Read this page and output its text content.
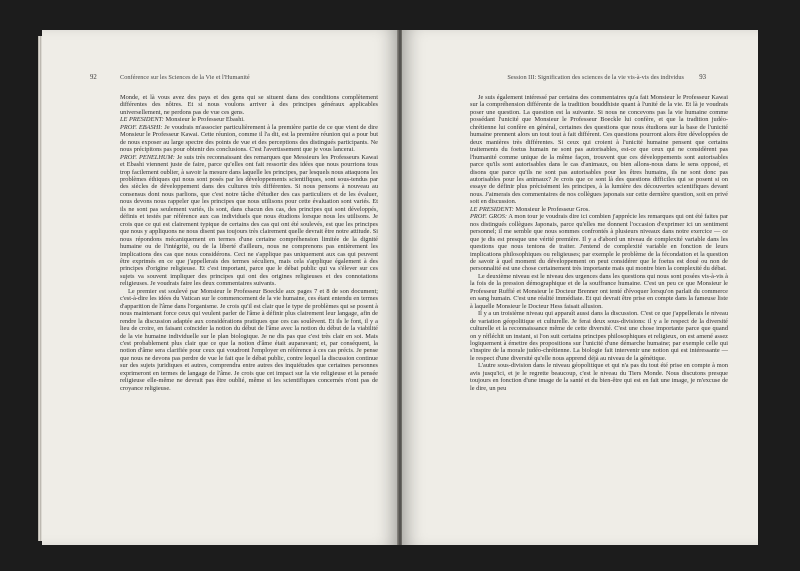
92	Conférence sur les Sciences de la Vie et l'Humanité

Monde, et là vous avez des pays et des gens qui se situent dans des conditions complètement différentes des nôtres. Et si nous voulons arriver à des principes généraux applicables universellement, ne perdons pas de vue ces gens.

LE PRESIDENT: Monsieur le Professeur Ebashi.

PROF. EBASHI: Je voudrais m'associer particulièrement à la première partie de ce que vient de dire Monsieur le Professeur Kawai. Cette réunion, comme il l'a dit, est la première réunion qui a pour but de nous exposer au large spectre des points de vue et des perceptions des distingués participants. Ne nous précipitons pas pour obtenir des conclusions. C'est l'avertissement que je vous lancerai.

PROF. PENELHUM: Je suis très reconnaissant des remarques que Messieurs les Professeurs Kawai et Ebashi viennent juste de faire, parce qu'elles ont fait ressortir des idées que nous pourrions tous trop facilement oublier, à savoir la mesure dans laquelle les principes, par lesquels nous attaquons les problèmes éthiques qui nous sont posés par les développements scientifiques, sont sous-tendus par des siècles de développement dans des cultures très différentes. Si nous pensons à nouveau au consensus dont nous parlions, que c'est notre tâche d'étudier des cas particuliers et de les évaluer, nous devons nous rappeler que les principes que nous utilisons pour cette évaluation sont variés. Et ils ne sont pas seulement variés, ils sont, dans chacun des cas, des principes qui sont développés, définis et testés par référence aux cas individuels que nous étudions lorsque nous les utilisons. Je crois que ce qui est clairement typique de certains des cas qui ont été soulevés, est que les principes que nous y appliquons ne nous disent pas toujours très clairement quelle devrait être notre attitude. Si nous répondons mécaniquement en termes d'une certaine compréhension limitée de la dignité humaine ou de l'intégrité, ou de la liberté d'ailleurs, nous ne comprenons pas entièrement les implications des cas que nous considérons. Ceci ne s'applique pas uniquement aux cas qui peuvent être exprimés en ce que j'appellerais des termes séculiers, mais cela s'applique également à des principes d'origine religieuse. Et c'est important, parce que le débat public qui va s'élever sur ces sujets va souvent impliquer des principes qui ont des origines religieuses et des connotations religieuses. Je voudrais faire les deux commentaires suivants.

Le premier est soulevé par Monsieur le Professeur Boeckle aux pages 7 et 8 de son document; c'est-à-dire les idées du Vatican sur le commencement de la vie humaine, ces étant entendu en termes d'apparition de l'âme dans l'organisme. Je crois qu'il est clair que le type de problèmes qui se posent à nous maintenant force ceux qui veulent parler de l'âme à définir plus clairement leur langage, afin de rendre la discussion adaptée aux considérations pratiques que ces cas soulèvent. Et ils le font, il y a lieu de croire, en faisant coïncider la notion du début de l'âme avec la notion du début de la viabilité de la vie humaine individuelle sur le plan biologique. Je ne dis pas que c'est très clair en soi. Mais c'est probablement plus clair que ce que la notion d'âme était auparavant; et, par conséquent, la notion d'âme sera clarifiée pour ceux qui voudront l'employer en référence à ces cas précis. Je pense que nous ne devons pas perdre de vue le fait que le débat public, contre lequel la discussion continue sur des sujets juridiques et autres, comprendra entre autres des inquiétudes que certaines personnes exprimeront en termes de langage de l'âme. Je crois que cet impact sur la vie religieuse et la pensée religieuse elle-même ne devrait pas être oublié, même si les scientifiques concernés n'ont pas de croyance religieuse.

Session III: Signification des sciences de la vie vis-à-vis des individus 93

Je suis également intéressé par certains des commentaires qu'a fait Monsieur le Professeur Kawai sur la compréhension différente de la tradition bouddhiste quant à l'unité de la vie. Et là je voudrais poser une question. La question est la suivante. Si nous ne concevons pas la vie humaine comme possédant l'unicité que Monsieur le Professeur Boeckle lui confère, et que la tradition judéo-chrétienne lui confère en général, certaines des questions que nous étudions sur la base de l'unicité humaine prennent alors un tout tout à fait différent. Ces questions pourront alors être développées de deux manières très différentes. Si ceux qui croient à l'unicité humaine pensent que certains traitements du foetus humain ne sont pas autorisables, est-ce que ceux qui ne considèrent pas l'humanité comme unique de la même façon, trouvent que ces développements sont autorisables parce qu'ils sont autorisables dans le cas d'animaux, ou bien allons-nous dans le sens opposé, et disons que parce qu'ils ne sont pas autorisables pour les êtres humains, ils ne sont donc pas autorisables pour les animaux? Je crois que ce sont là des questions difficiles qui se posent si on essaye de définir plus précisément les principes, à la lumière des découvertes scientifiques devant nous. J'aimerais des commentaires de nos collègues japonais sur cette dernière question, soit en privé soit en discussion.

LE PRESIDENT: Monsieur le Professeur Gros.

PROF. GROS: A mon tour je voudrais dire ici combien j'apprécie les remarques qui ont été faites par nos distingués collègues Japonais, parce qu'elles me donnent l'occasion d'exprimer ici un sentiment personnel; il me semble que nous sommes confrontés à plusieurs niveaux dans notre exercice — ce que je dis est presque une vérité première. Il y a d'abord un niveau de complexité variable dans les questions que nous tentons de traiter. J'entend de complexité variable en fonction de leurs implications philosophiques ou religieuses; par exemple le problème de la fécondation et la question de savoir à quel moment du développement on peut considérer que le foetus est doué ou non de personnalité est une chose certainement très importante mais qui montre bien la complexité du débat.

Le deuxième niveau est le niveau des urgences dans les questions qui nous sont posées vis-à-vis à la fois de la pression démographique et de la souffrance humaine. C'est un peu ce que Monsieur le Professeur Ruffié et Monsieur le Docteur Brenner ont tenté d'évoquer lorsqu'on parlait du commerce en sang humain. C'est une réalité immédiate. Et qui devrait être prise en compte dans la fameuse liste à laquelle Monsieur le Docteur Hess faisait allusion.

Il y a un troisième niveau qui apparaît aussi dans la discussion. C'est ce que j'appellerais le niveau de variation géopolitique et culturelle. Je ferai deux sous-divisions: il y a le respect de la diversité culturelle et la reconnaissance même de cette diversité. C'est une chose importante parce que quand on y réfléchit un instant, si l'on suit certains principes philosophiques et religieux, on est amené assez logiquement à émettre des propositions sur l'unicité d'une démarche humaine; par exemple celle qui s'inspire de la morale judéo-chrétienne. La biologie fait intervenir une notion qui est intéressante — le respect d'une diversité qu'elle nous apprend déjà au niveau de la génétique.

L'autre sous-division dans le niveau géopolitique et qui n'a pas du tout été prise en compte à mon avis jusqu'ici, et je le regrette beaucoup, c'est le niveau du Tiers Monde. Nous discutons presque toujours en fonction d'une image de la santé et du bien-être qui est en fait une image, je m'excuse de le dire, un peu
